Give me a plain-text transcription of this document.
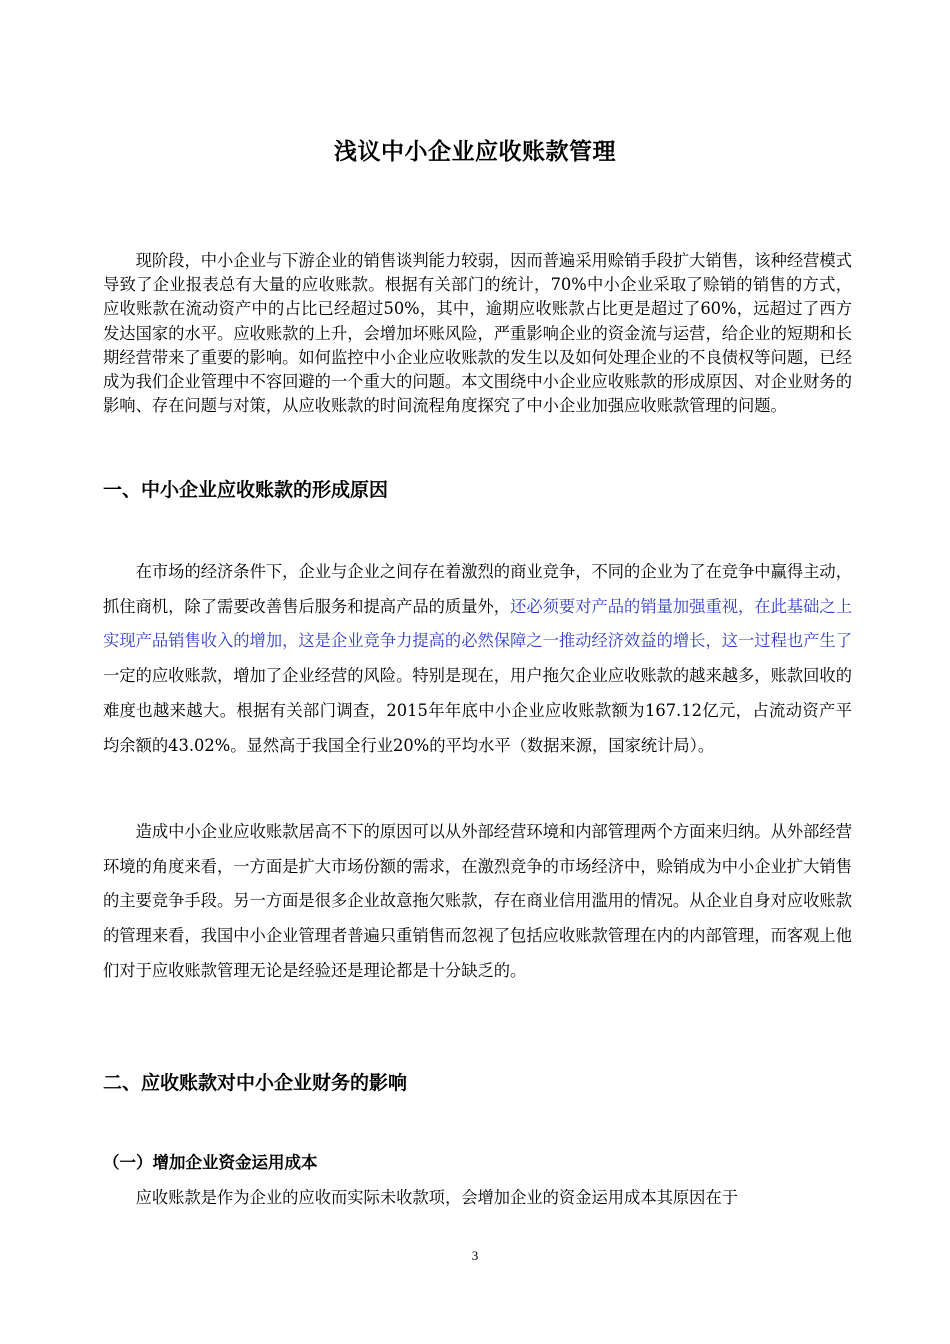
浅议中小企业应收账款管理

现阶段，中小企业与下游企业的销售谈判能力较弱，因而普遍采用赊销手段扩大销售，该种经营模式导致了企业报表总有大量的应收账款。根据有关部门的统计，70%中小企业采取了赊销的销售的方式，应收账款在流动资产中的占比已经超过50%，其中，逾期应收账款占比更是超过了60%，远超过了西方发达国家的水平。应收账款的上升，会增加坏账风险，严重影响企业的资金流与运营，给企业的短期和长期经营带来了重要的影响。如何监控中小企业应收账款的发生以及如何处理企业的不良债权等问题，已经成为我们企业管理中不容回避的一个重大的问题。本文围绕中小企业应收账款的形成原因、对企业财务的影响、存在问题与对策，从应收账款的时间流程角度探究了中小企业加强应收账款管理的问题。

一、中小企业应收账款的形成原因

在市场的经济条件下，企业与企业之间存在着激烈的商业竞争，不同的企业为了在竞争中赢得主动，抓住商机，除了需要改善售后服务和提高产品的质量外，还必须要对产品的销量加强重视，在此基础之上实现产品销售收入的增加，这是企业竞争力提高的必然保障之一推动经济效益的增长，这一过程也产生了一定的应收账款，增加了企业经营的风险。特别是现在，用户拖欠企业应收账款的越来越多，账款回收的难度也越来越大。根据有关部门调查，2015年年底中小企业应收账款额为167.12亿元，占流动资产平均余额的43.02%。显然高于我国全行业20%的平均水平（数据来源，国家统计局）。

造成中小企业应收账款居高不下的原因可以从外部经营环境和内部管理两个方面来归纳。从外部经营环境的角度来看，一方面是扩大市场份额的需求，在激烈竞争的市场经济中，赊销成为中小企业扩大销售的主要竞争手段。另一方面是很多企业故意拖欠账款，存在商业信用滥用的情况。从企业自身对应收账款的管理来看，我国中小企业管理者普遍只重销售而忽视了包括应收账款管理在内的内部管理，而客观上他们对于应收账款管理无论是经验还是理论都是十分缺乏的。

二、应收账款对中小企业财务的影响
（一）增加企业资金运用成本

应收账款是作为企业的应收而实际未收款项，会增加企业的资金运用成本其原因在于

3
